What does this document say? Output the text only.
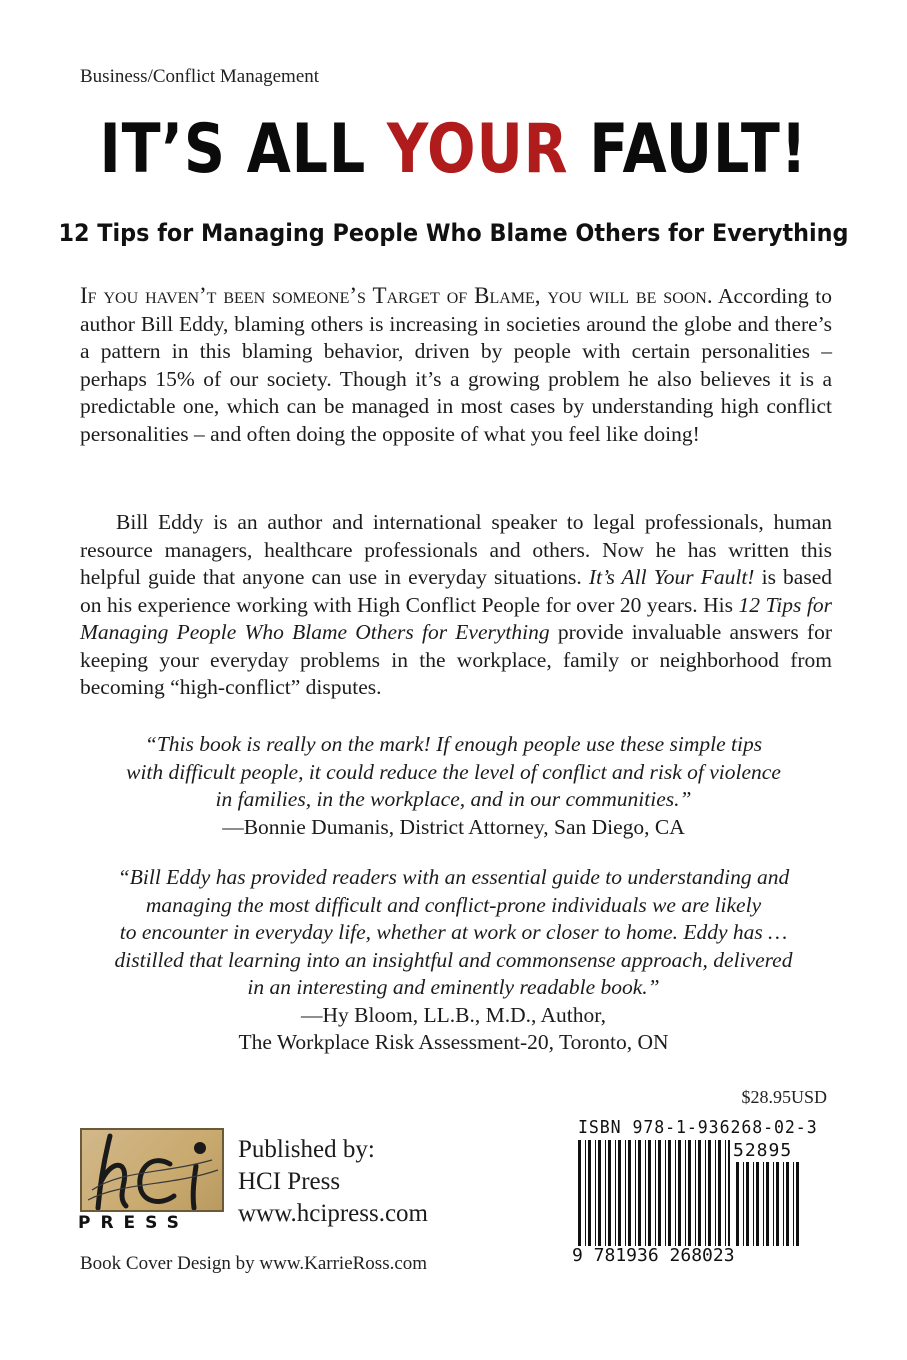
Business/Conflict Management
IT’S ALL YOUR FAULT!
12 Tips for Managing People Who Blame Others for Everything
If you haven’t been someone’s Target of Blame, you will be soon. According to author Bill Eddy, blaming others is increasing in societies around the globe and there’s a pattern in this blaming behavior, driven by people with certain personalities – perhaps 15% of our society. Though it’s a growing problem he also believes it is a predictable one, which can be managed in most cases by understanding high conflict personalities – and often doing the opposite of what you feel like doing!
Bill Eddy is an author and international speaker to legal professionals, human resource managers, healthcare professionals and others. Now he has written this helpful guide that anyone can use in everyday situations. It’s All Your Fault! is based on his experience working with High Conflict People for over 20 years. His 12 Tips for Managing People Who Blame Others for Everything provide invaluable answers for keeping your everyday problems in the workplace, family or neighborhood from becoming “high-conflict” disputes.
“This book is really on the mark! If enough people use these simple tips
with difficult people, it could reduce the level of conflict and risk of violence
in families, in the workplace, and in our communities.”
—Bonnie Dumanis, District Attorney, San Diego, CA
“Bill Eddy has provided readers with an essential guide to understanding and
managing the most difficult and conflict-prone individuals we are likely
to encounter in everyday life, whether at work or closer to home. Eddy has …
distilled that learning into an insightful and commonsense approach, delivered
in an interesting and eminently readable book.”
—Hy Bloom, LL.B., M.D., Author,
The Workplace Risk Assessment-20, Toronto, ON
$28.95USD
PRESS
Published by:
HCI Press
www.hcipress.com
ISBN 978-1-936268-02-3
52895
9 781936 268023
Book Cover Design by www.KarrieRoss.com
